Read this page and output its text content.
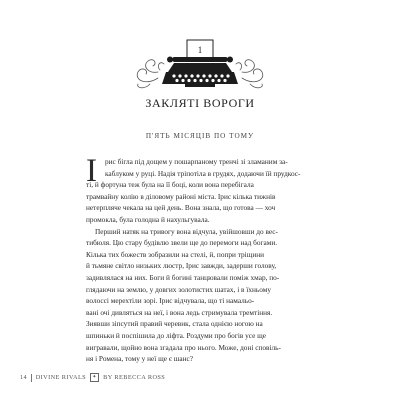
1
ЗАКЛЯТІ ВОРОГИ
П'ЯТЬ МІСЯЦІВ ПО ТОМУ
І	рис бігла під дощем у пошарпаному тренчі зі зламаним за-
каблуком у руці. Надія тріпотіла в грудях, додаючи їй прудкос-
ті, й фортуна теж була на її боці, коли вона перебігала
трамвайну колію в діловому районі міста. Ірис кілька тижнів
нетерпляче чекала на цей день. Вона знала, що готова — хоч
промокла, була голодна й нахульгувала.
Перший натяк на тривогу вона відчула, увійшовши до вес-
тибюля. Цю стару будівлю звели ще до перемоги над богами.
Кілька тих божеств зобразили на стелі, й, попри тріщини
й тьмяне світло низьких люстр, Ірис завжди, задерши голову,
задивлялася на них. Боги й богині танцювали поміж хмар, по-
глядаючи на землю, у довгих золотистих шатах, і в їхньому
волоссі мерехтіли зорі. Ірис відчувала, що ті намальо-
вані очі дивляться на неї, і вона ледь стримувала тремтіння.
Зиявши зіпсутий правий черевик, стала однією ногою на
шпиньки й поспішила до ліфта. Роздуми про богів усе ще
вигравали, щойно вона згадала про нього. Може, доні сповіль-
ня і Ромена, тому у неї ще є шанс?
14 DIVINE RIVALS	✦ BY REBECCA ROSS
